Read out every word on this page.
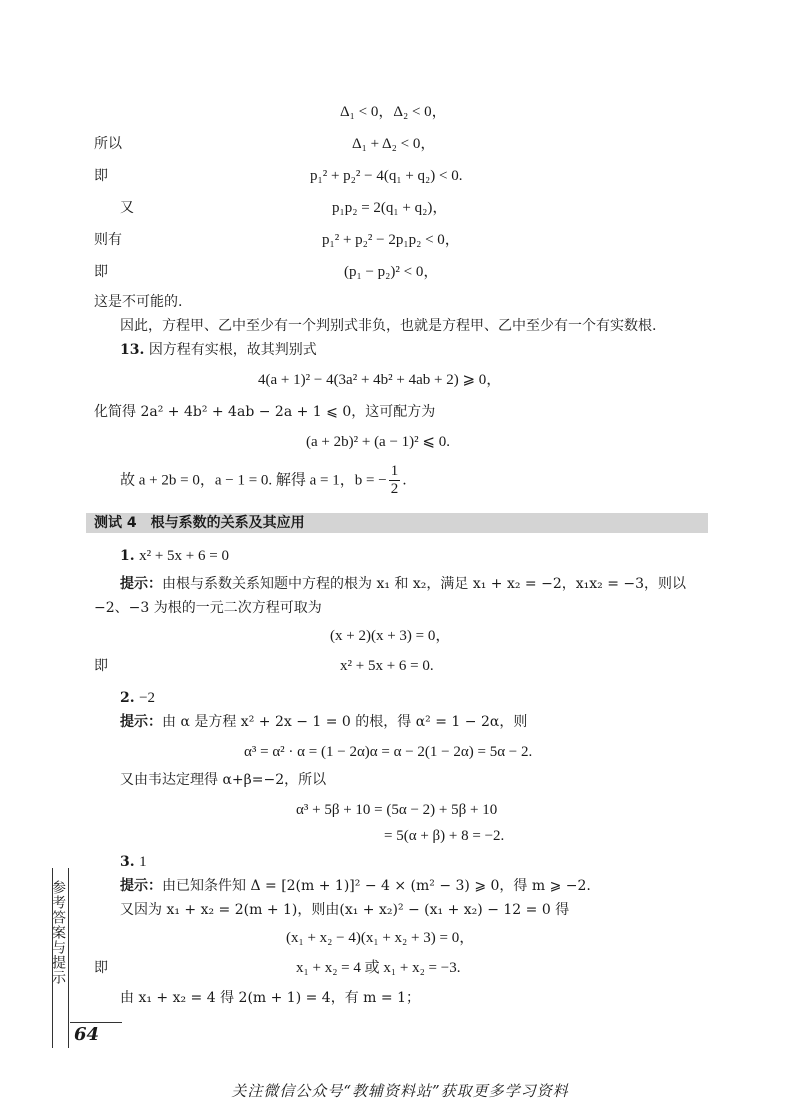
Δ₁ < 0，Δ₂ < 0，
所以	Δ₁ + Δ₂ < 0，
即	p₁² + p₂² − 4(q₁ + q₂) < 0.
又	p₁p₂ = 2(q₁ + q₂)，
则有	p₁² + p₂² − 2p₁p₂ < 0，
即	(p₁ − p₂)² < 0，
这是不可能的.
因此，方程甲、乙中至少有一个判别式非负，也就是方程甲、乙中至少有一个有实数根.
13. 因方程有实根，故其判别式
4(a + 1)² − 4(3a² + 4b² + 4ab + 2) ⩾ 0，
化简得 2a² + 4b² + 4ab − 2a + 1 ⩽ 0，这可配方为
(a + 2b)² + (a − 1)² ⩽ 0.
故 a + 2b = 0，a − 1 = 0. 解得 a = 1，b = − $\frac{1}{2}$ .
测试 4　根与系数的关系及其应用
1. x² + 5x + 6 = 0
提示：由根与系数关系知题中方程的根为 x₁ 和 x₂，满足 x₁ + x₂ = −2，x₁x₂ = −3，则以
−2、−3 为根的一元二次方程可取为
(x + 2)(x + 3) = 0，
即	x² + 5x + 6 = 0.
2. −2
提示：由 α 是方程 x² + 2x − 1 = 0 的根，得 α² = 1 − 2α，则
α³ = α² · α = (1 − 2α)α = α − 2(1 − 2α) = 5α − 2.
又由韦达定理得 α+β=−2，所以
α³ + 5β + 10 = (5α − 2) + 5β + 10
= 5(α + β) + 8 = −2.
3. 1
提示：由已知条件知 Δ = [2(m + 1)]² − 4 × (m² − 3) ⩾ 0，得 m ⩾ −2.
又因为 x₁ + x₂ = 2(m + 1)，则由(x₁ + x₂)² − (x₁ + x₂) − 12 = 0 得
(x₁ + x₂ − 4)(x₁ + x₂ + 3) = 0，
即	x₁ + x₂ = 4 或 x₁ + x₂ = −3.
由 x₁ + x₂ = 4 得 2(m + 1) = 4，有 m = 1；
参考答案与提示
64
关注微信公众号“教辅资料站”获取更多学习资料
